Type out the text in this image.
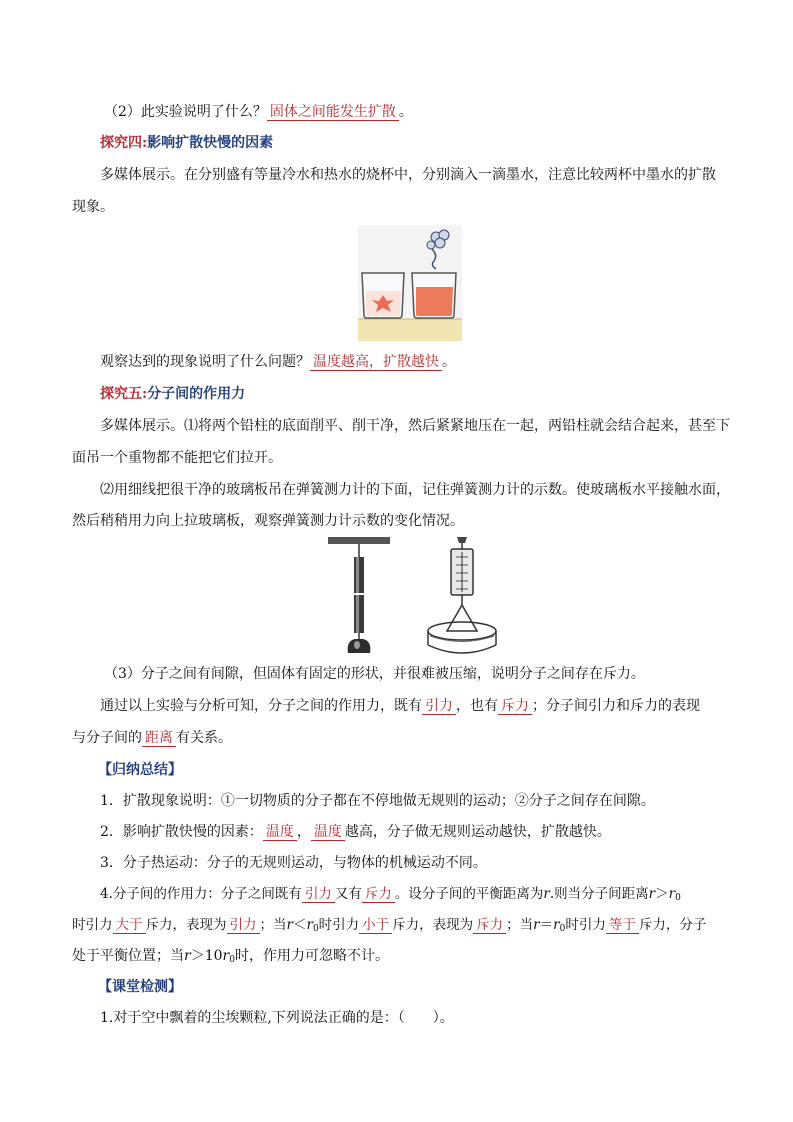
（2）此实验说明了什么？ 固体之间能发生扩散 。
探究四:影响扩散快慢的因素
多媒体展示。在分别盛有等量冷水和热水的烧杯中，分别滴入一滴墨水，注意比较两杯中墨水的扩散
现象。
观察达到的现象说明了什么问题？ 温度越高，扩散越快 。
探究五:分子间的作用力
多媒体展示。⑴将两个铅柱的底面削平、削干净，然后紧紧地压在一起，两铅柱就会结合起来，甚至下
面吊一个重物都不能把它们拉开。
⑵用细线把很干净的玻璃板吊在弹簧测力计的下面，记住弹簧测力计的示数。使玻璃板水平接触水面，
然后稍稍用力向上拉玻璃板，观察弹簧测力计示数的变化情况。
（3）分子之间有间隙，但固体有固定的形状，并很难被压缩，说明分子之间存在斥力。
通过以上实验与分析可知，分子之间的作用力，既有 引力 ，也有 斥力 ；分子间引力和斥力的表现
与分子间的 距离 有关系。
【归纳总结】
1．扩散现象说明：①一切物质的分子都在不停地做无规则的运动；②分子之间存在间隙。
2．影响扩散快慢的因素： 温度 ， 温度 越高，分子做无规则运动越快，扩散越快。
3．分子热运动：分子的无规则运动，与物体的机械运动不同。
4.分子间的作用力：分子之间既有 引力 又有 斥力 。设分子间的平衡距离为r.则当分子间距离$r>r_0$
时引力 大于 斥力，表现为 引力 ；当$r<r_0$时引力 小于 斥力，表现为 斥力 ；当$r=r_0$时引力 等于 斥力，分子
处于平衡位置；当$r>10r_0$时，作用力可忽略不计。
【课堂检测】
1.对于空中飘着的尘埃颗粒,下列说法正确的是：（　　）。
